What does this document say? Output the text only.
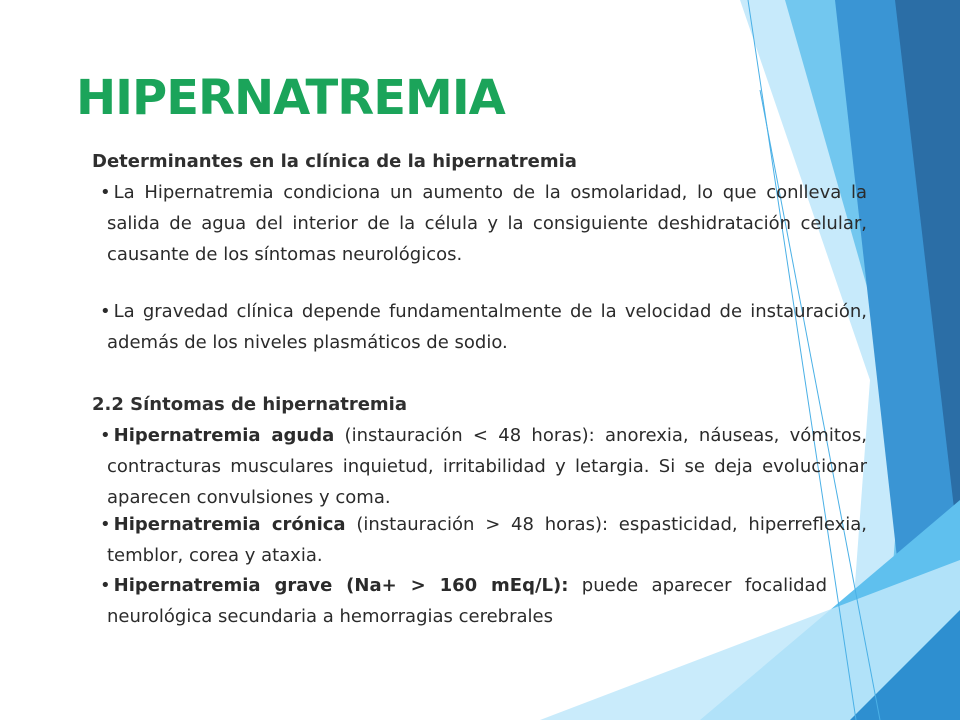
HIPERNATREMIA
Determinantes en la clínica de la hipernatremia
• La Hipernatremia condiciona un aumento de la osmolaridad, lo que conlleva la salida de agua del interior de la célula y la consiguiente deshidratación celular, causante de los síntomas neurológicos.
• La gravedad clínica depende fundamentalmente de la velocidad de instauración, además de los niveles plasmáticos de sodio.
2.2 Síntomas de hipernatremia
• Hipernatremia aguda (instauración < 48 horas): anorexia, náuseas, vómitos, contracturas musculares inquietud, irritabilidad y letargia. Si se deja evolucionar aparecen convulsiones y coma.
• Hipernatremia crónica (instauración > 48 horas): espasticidad, hiperreflexia, temblor, corea y ataxia.
• Hipernatremia grave (Na+ > 160 mEq/L): puede aparecer focalidad neurológica secundaria a hemorragias cerebrales
